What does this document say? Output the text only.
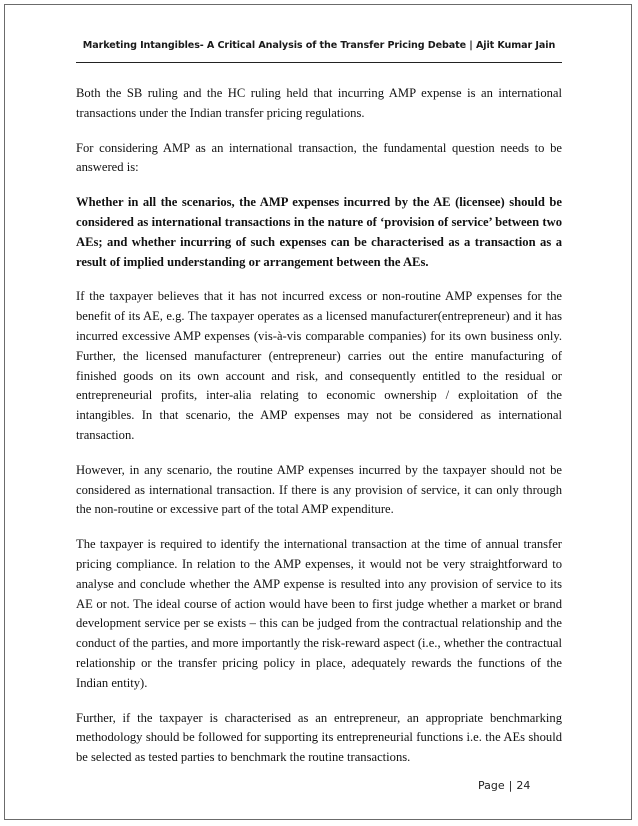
Marketing Intangibles- A Critical Analysis of the Transfer Pricing Debate | Ajit Kumar Jain

Both the SB ruling and the HC ruling held that incurring AMP expense is an international transactions under the Indian transfer pricing regulations.

For considering AMP as an international transaction, the fundamental question needs to be answered is:

Whether in all the scenarios, the AMP expenses incurred by the AE (licensee) should be considered as international transactions in the nature of ‘provision of service’ between two AEs; and whether incurring of such expenses can be characterised as a transaction as a result of implied understanding or arrangement between the AEs.

If the taxpayer believes that it has not incurred excess or non-routine AMP expenses for the benefit of its AE, e.g. The taxpayer operates as a licensed manufacturer(entrepreneur) and it has incurred excessive AMP expenses (vis-à-vis comparable companies) for its own business only. Further, the licensed manufacturer (entrepreneur) carries out the entire manufacturing of finished goods on its own account and risk, and consequently entitled to the residual or entrepreneurial profits, inter-alia relating to economic ownership / exploitation of the intangibles. In that scenario, the AMP expenses may not be considered as international transaction.

However, in any scenario, the routine AMP expenses incurred by the taxpayer should not be considered as international transaction. If there is any provision of service, it can only through the non-routine or excessive part of the total AMP expenditure.

The taxpayer is required to identify the international transaction at the time of annual transfer pricing compliance. In relation to the AMP expenses, it would not be very straightforward to analyse and conclude whether the AMP expense is resulted into any provision of service to its AE or not. The ideal course of action would have been to first judge whether a market or brand development service per se exists – this can be judged from the contractual relationship and the conduct of the parties, and more importantly the risk-reward aspect (i.e., whether the contractual relationship or the transfer pricing policy in place, adequately rewards the functions of the Indian entity).

Further, if the taxpayer is characterised as an entrepreneur, an appropriate benchmarking methodology should be followed for supporting its entrepreneurial functions i.e. the AEs should be selected as tested parties to benchmark the routine transactions.

Page | 24
